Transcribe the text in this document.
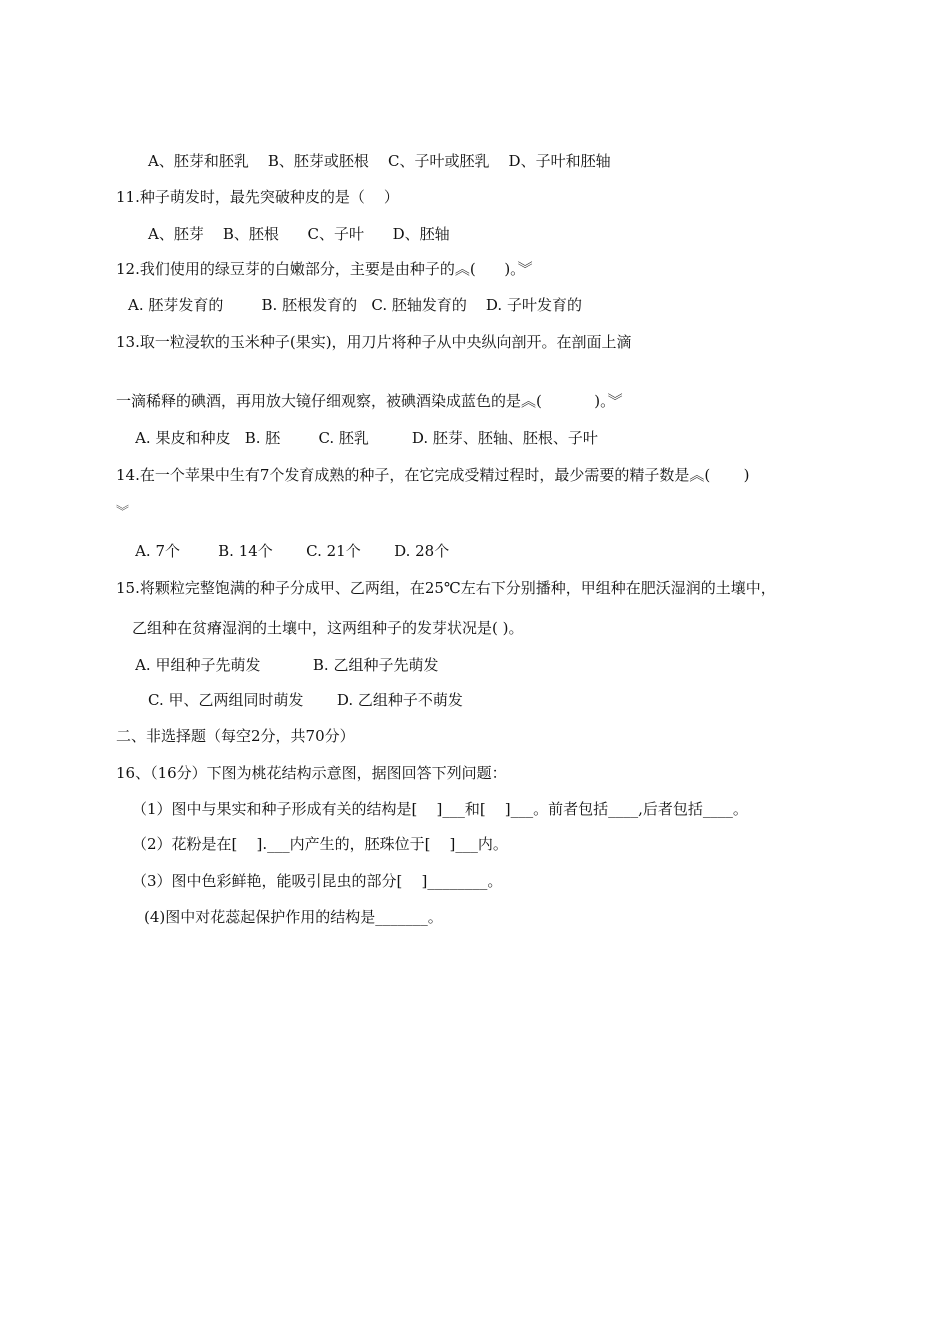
A、胚芽和胚乳    B、胚芽或胚根    C、子叶或胚乳    D、子叶和胚轴
11.种子萌发时，最先突破种皮的是（    ）
A、胚芽    B、胚根      C、子叶      D、胚轴
12.我们使用的绿豆芽的白嫩部分，主要是由种子的︽(      )。︾
A. 胚芽发育的        B. 胚根发育的   C. 胚轴发育的    D. 子叶发育的
13.取一粒浸软的玉米种子(果实)，用刀片将种子从中央纵向剖开。在剖面上滴
一滴稀释的碘酒，再用放大镜仔细观察，被碘酒染成蓝色的是︽(           )。︾
A. 果皮和种皮   B. 胚        C. 胚乳         D. 胚芽、胚轴、胚根、子叶
14.在一个苹果中生有7个发育成熟的种子，在它完成受精过程时，最少需要的精子数是︽(       )
︾
A. 7个        B. 14个       C. 21个       D. 28个
15.将颗粒完整饱满的种子分成甲、乙两组，在25℃左右下分别播种，甲组种在肥沃湿润的土壤中，
乙组种在贫瘠湿润的土壤中，这两组种子的发芽状况是( )。
A. 甲组种子先萌发           B. 乙组种子先萌发
C. 甲、乙两组同时萌发       D. 乙组种子不萌发
二、非选择题（每空2分，共70分）
16、（16分）下图为桃花结构示意图，据图回答下列问题：
（1）图中与果实和种子形成有关的结构是[    ]___和[    ]___。前者包括____,后者包括____。
（2）花粉是在[    ].___内产生的，胚珠位于[    ]___内。
（3）图中色彩鲜艳，能吸引昆虫的部分[    ]________。
(4)图中对花蕊起保护作用的结构是_______。
